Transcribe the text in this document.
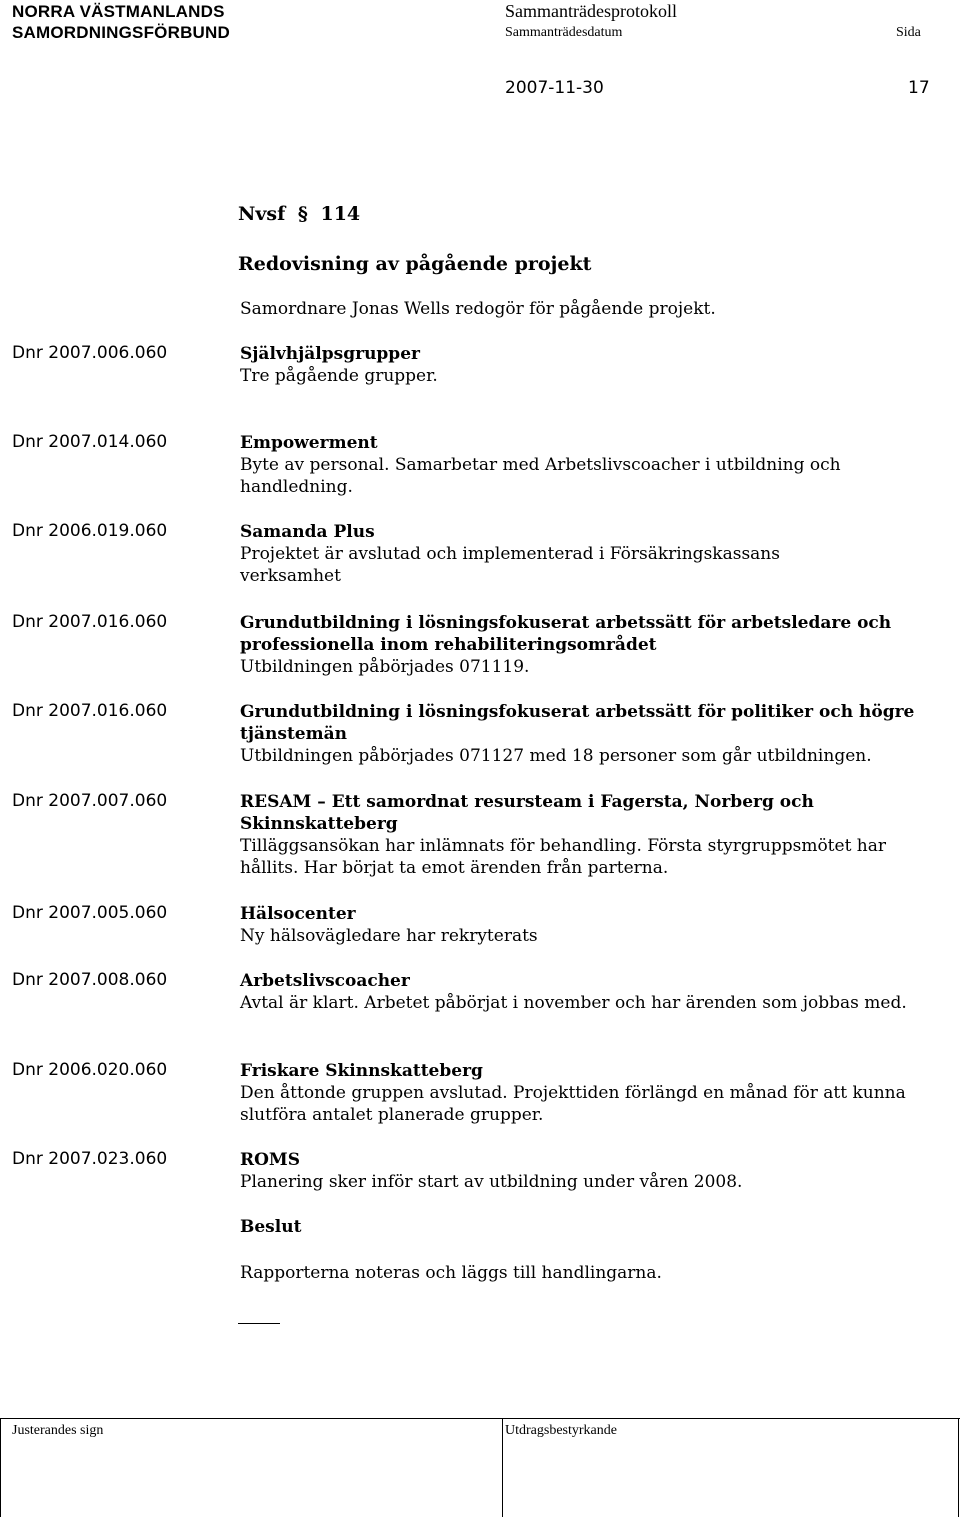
NORRA VÄSTMANLANDS
SAMORDNINGSFÖRBUND
Sammanträdesprotokoll
Sammanträdesdatum	Sida
2007-11-30	17
Nvsf § 114
Redovisning av pågående projekt
Samordnare Jonas Wells redogör för pågående projekt.
Dnr 2007.006.060	Självhjälpsgrupper
Tre pågående grupper.
Dnr 2007.014.060	Empowerment
Byte av personal. Samarbetar med Arbetslivscoacher i utbildning och handledning.
Dnr 2006.019.060	Samanda Plus
Projektet är avslutad och implementerad i Försäkringskassans verksamhet
Dnr 2007.016.060	Grundutbildning i lösningsfokuserat arbetssätt för arbetsledare och professionella inom rehabiliteringsområdet
Utbildningen påbörjades 071119.
Dnr 2007.016.060	Grundutbildning i lösningsfokuserat arbetssätt för politiker och högre tjänstemän
Utbildningen påbörjades 071127 med 18 personer som går utbildningen.
Dnr 2007.007.060	RESAM – Ett samordnat resursteam i Fagersta, Norberg och Skinnskatteberg
Tilläggsansökan har inlämnats för behandling. Första styrgruppsmötet har hållits. Har börjat ta emot ärenden från parterna.
Dnr 2007.005.060	Hälsocenter
Ny hälsovägledare har rekryterats
Dnr 2007.008.060	Arbetslivscoacher
Avtal är klart. Arbetet påbörjat i november och har ärenden som jobbas med.
Dnr 2006.020.060	Friskare Skinnskatteberg
Den åttonde gruppen avslutad. Projekttiden förlängd en månad för att kunna slutföra antalet planerade grupper.
Dnr 2007.023.060	ROMS
Planering sker inför start av utbildning under våren 2008.
Beslut
Rapporterna noteras och läggs till handlingarna.
Justerandes sign	Utdragsbestyrkande
